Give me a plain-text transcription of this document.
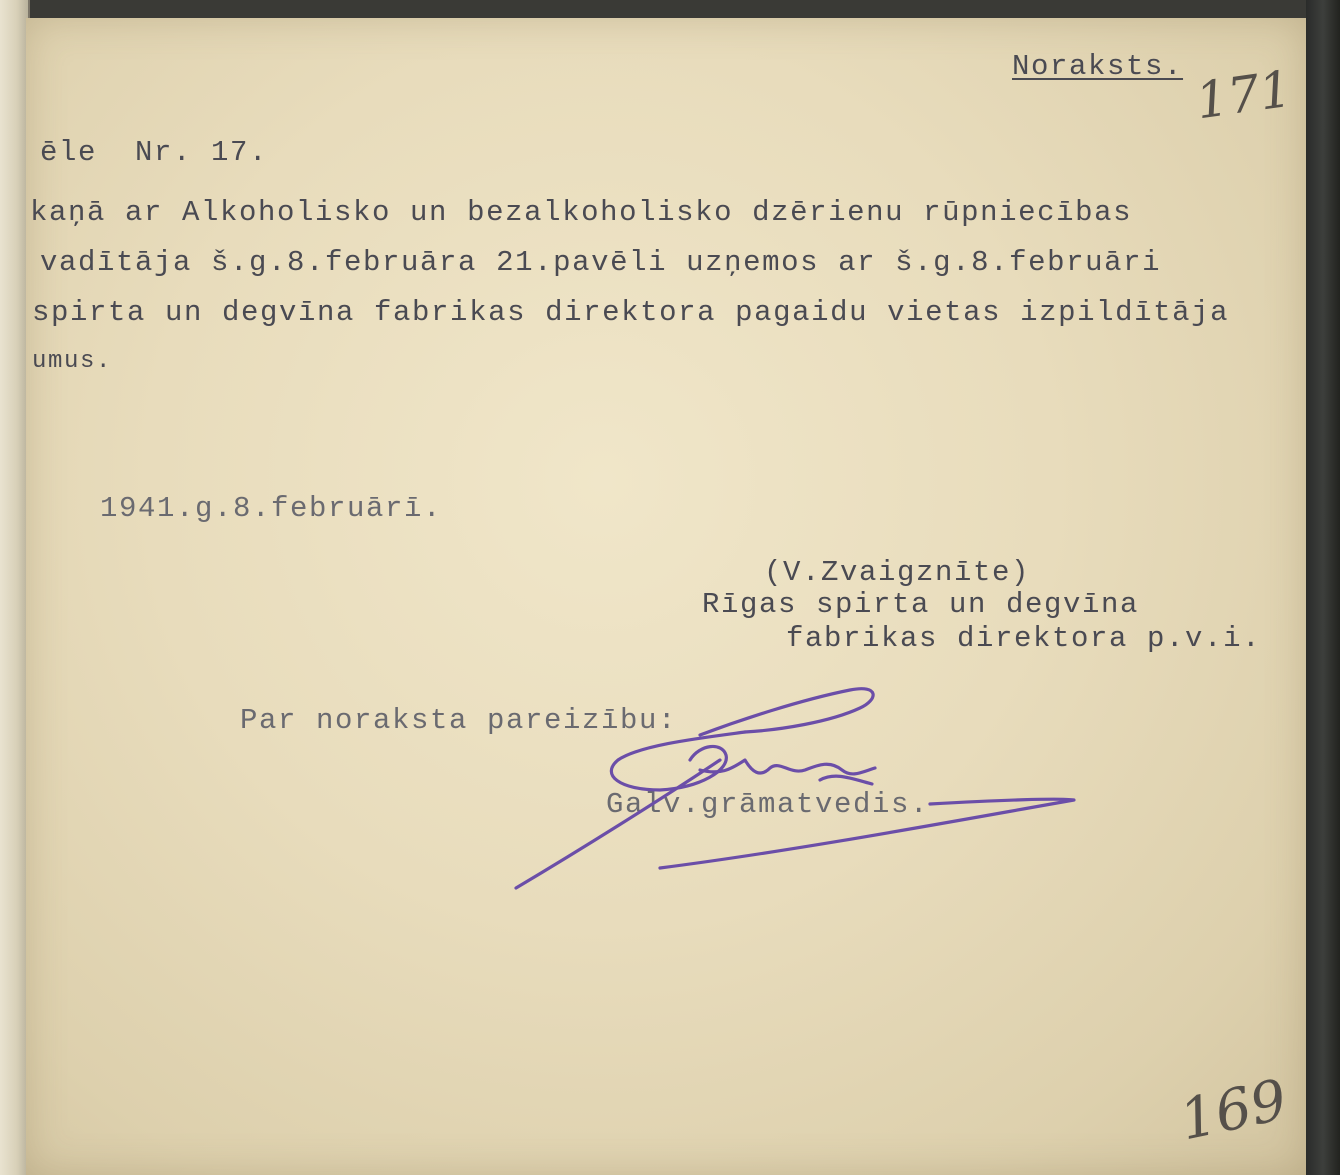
Noraksts. 171
ēle  Nr. 17.
kaņā ar Alkoholisko un bezalkoholisko dzērienu rūpniecības
vadītāja š.g.8.februāra 21.pavēli uzņemos ar š.g.8.februāri
spirta un degvīna fabrikas direktora pagaidu vietas izpildītāja
umus.
1941.g.8.februārī.
(V.Zvaigznīte)
Rīgas spirta un degvīna
fabrikas direktora p.v.i.
Par noraksta pareizību:
Galv.grāmatvedis.
169
